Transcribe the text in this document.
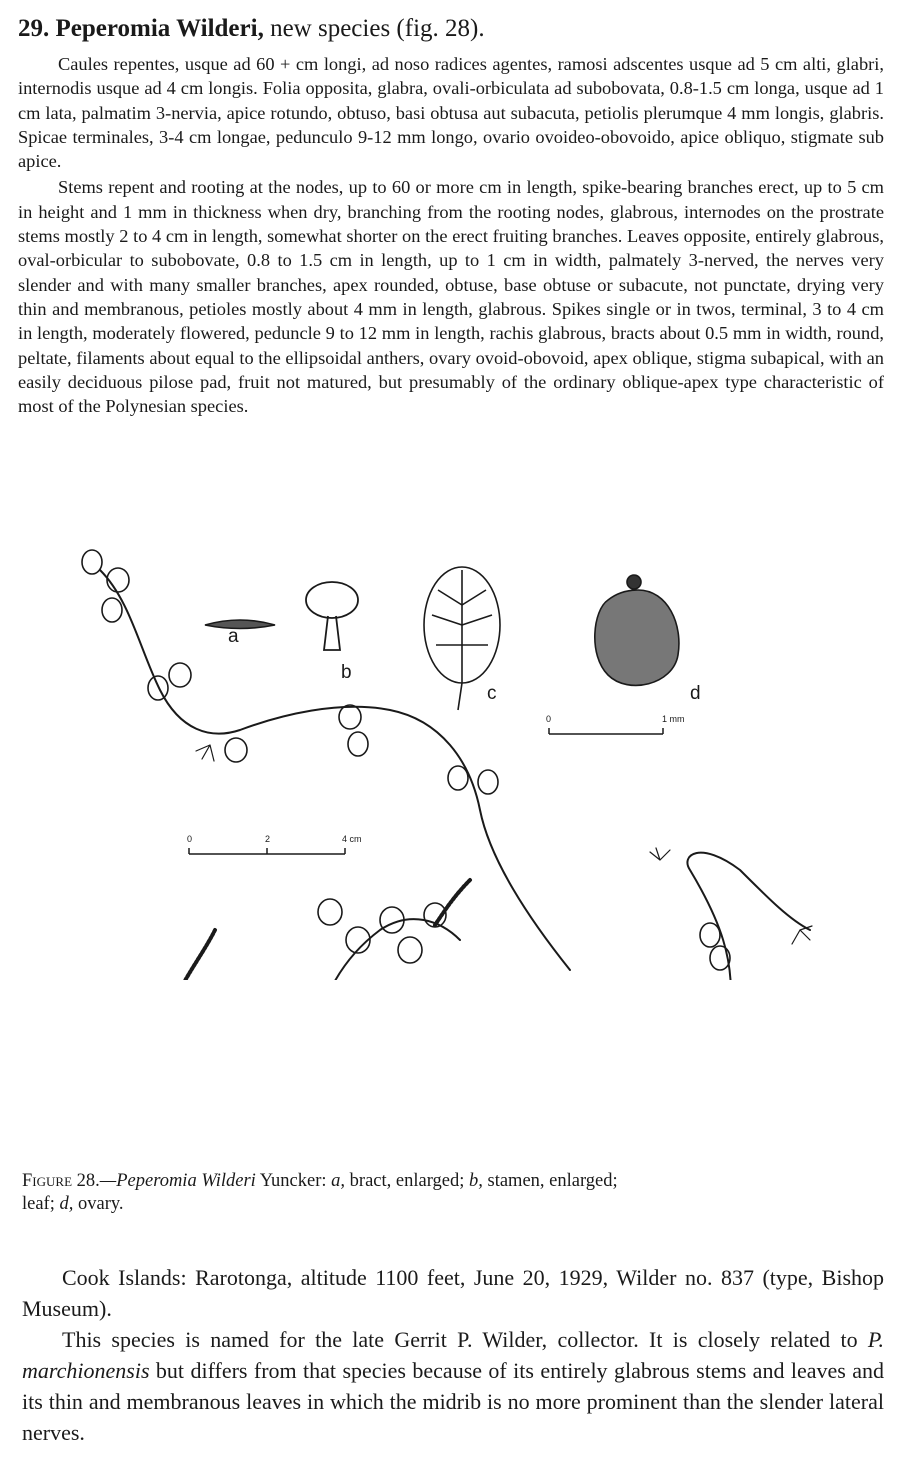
29. Peperomia Wilderi, new species (fig. 28).

Caules repentes, usque ad 60 + cm longi, ad noso radices agentes, ramosi adscentes usque ad 5 cm alti, glabri, internodis usque ad 4 cm longis. Folia opposita, glabra, ovali-orbiculata ad subobovata, 0.8-1.5 cm longa, usque ad 1 cm lata, palmatim 3-nervia, apice rotundo, obtuso, basi obtusa aut subacuta, petiolis plerumque 4 mm longis, glabris. Spicae terminales, 3-4 cm longae, pedunculo 9-12 mm longo, ovario ovoideo-obovoido, apice obliquo, stigmate sub apice.

Stems repent and rooting at the nodes, up to 60 or more cm in length, spike-bearing branches erect, up to 5 cm in height and 1 mm in thickness when dry, branching from the rooting nodes, glabrous, internodes on the prostrate stems mostly 2 to 4 cm in length, somewhat shorter on the erect fruiting branches. Leaves opposite, entirely glabrous, oval-orbicular to subobovate, 0.8 to 1.5 cm in length, up to 1 cm in width, palmately 3-nerved, the nerves very slender and with many smaller branches, apex rounded, obtuse, base obtuse or subacute, not punctate, drying very thin and membranous, petioles mostly about 4 mm in length, glabrous. Spikes single or in twos, terminal, 3 to 4 cm in length, moderately flowered, peduncle 9 to 12 mm in length, rachis glabrous, bracts about 0.5 mm in width, round, peltate, filaments about equal to the ellipsoidal anthers, ovary ovoid-obovoid, apex oblique, stigma subapical, with an easily deciduous pilose pad, fruit not matured, but presumably of the ordinary oblique-apex type characteristic of most of the Polynesian species.

a
b
c	d
0	1 mm
0	2	4 cm
Figure 28.—Peperomia Wilderi Yuncker: a, bract, enlarged; b, stamen, enlarged;
leaf; d, ovary.

Cook Islands: Rarotonga, altitude 1100 feet, June 20, 1929, Wilder no. 837 (type, Bishop Museum).

This species is named for the late Gerrit P. Wilder, collector. It is closely related to P. marchionensis but differs from that species because of its entirely glabrous stems and leaves and its thin and membranous leaves in which the midrib is no more prominent than the slender lateral nerves.
